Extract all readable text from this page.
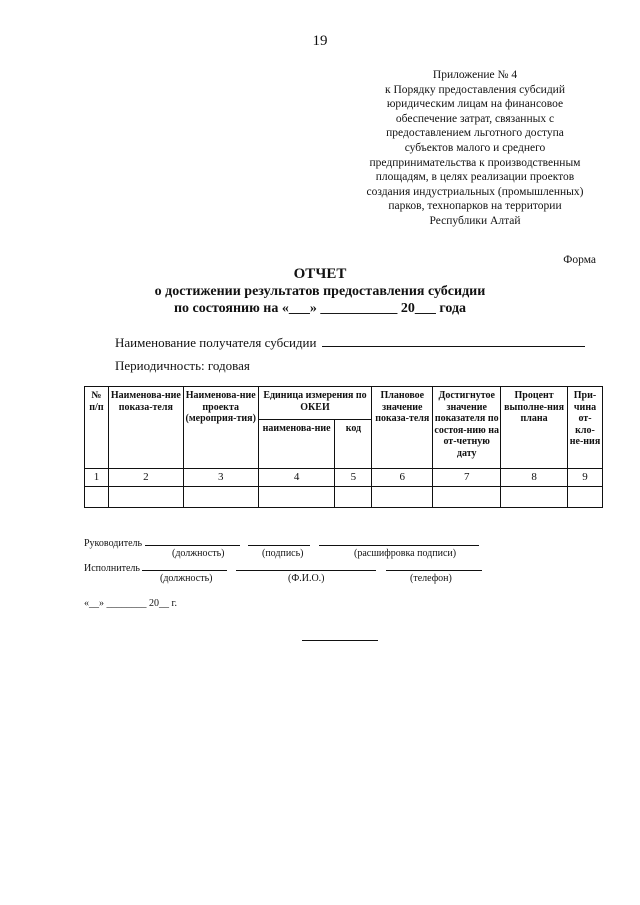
19
Приложение № 4
к Порядку предоставления субсидий
юридическим лицам на финансовое
обеспечение затрат, связанных с
предоставлением льготного доступа
субъектов малого и среднего
предпринимательства к производственным
площадям, в целях реализации проектов
создания индустриальных (промышленных)
парков, технопарков на территории
Республики Алтай
Форма
ОТЧЕТ
о достижении результатов предоставления субсидии
по состоянию на «___» ___________ 20___ года
Наименование получателя субсидии
Периодичность: годовая
№ п/п	Наименова-ние показа-теля	Наименова-ние проекта (мероприя-тия)	Единица измерения по ОКЕИ		Плановое значение показа-теля	Достигнутое значение показателя по состоя-нию на от-четную дату	Процент выполне-ния плана	При-чина от-кло-не-ния
			наименова-ние	код				
1	2	3	4	5	6	7	8	9

Руководитель
(должность)	(подпись)	(расшифровка подписи)
Исполнитель
(должность)	(Ф.И.О.)	(телефон)
«__» ________ 20__ г.
